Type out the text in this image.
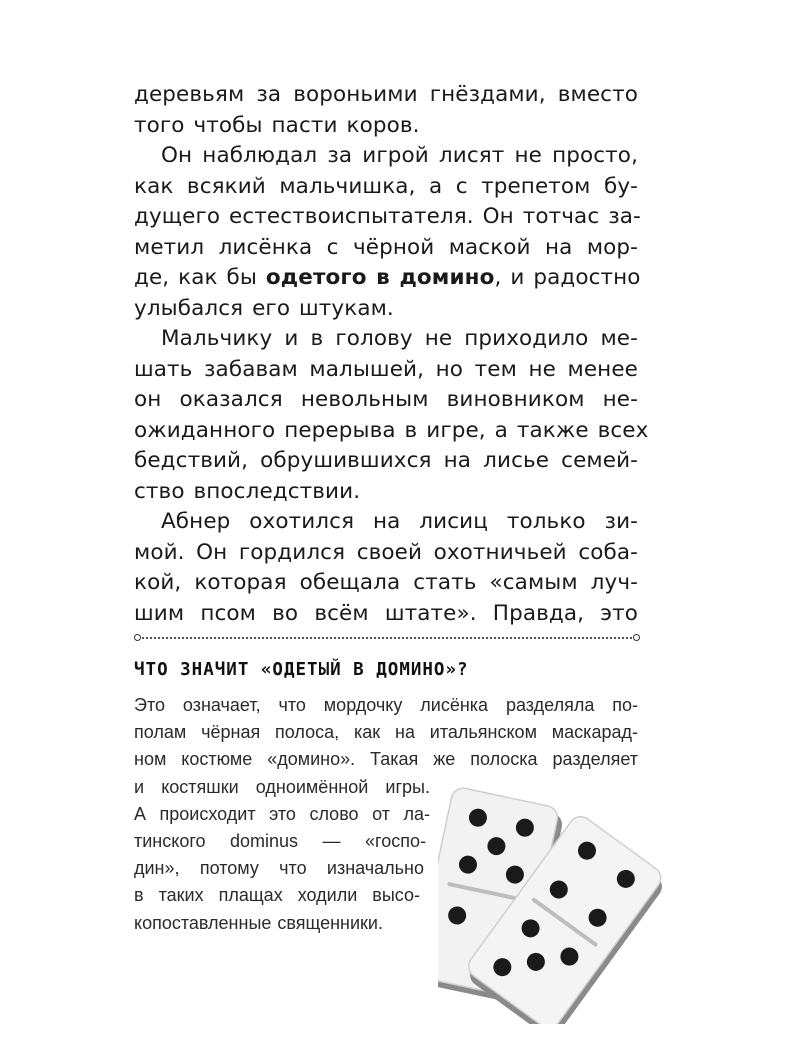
деревьям за вороньими гнёздами, вместо
того чтобы пасти коров.
Он наблюдал за игрой лисят не просто,
как всякий мальчишка, а с трепетом бу-
дущего естествоиспытателя. Он тотчас за-
метил лисёнка с чёрной маской на мор-
де, как бы одетого в домино, и радостно
улыбался его штукам.
Мальчику и в голову не приходило ме-
шать забавам малышей, но тем не менее
он оказался невольным виновником не-
ожиданного перерыва в игре, а также всех
бедствий, обрушившихся на лисье семей-
ство впоследствии.
Абнер охотился на лисиц только зи-
мой. Он гордился своей охотничьей соба-
кой, которая обещала стать «самым луч-
шим псом во всём штате». Правда, это
ЧТО ЗНАЧИТ «ОДЕТЫЙ В ДОМИНО»?
Это означает, что мордочку лисёнка разделяла по-
полам чёрная полоса, как на итальянском маскарад-
ном костюме «домино». Такая же полоска разделяет
и костяшки одноимённой игры.
А происходит это слово от ла-
тинского dominus — «госпо-
дин», потому что изначально
в таких плащах ходили высо-
копоставленные священники.
